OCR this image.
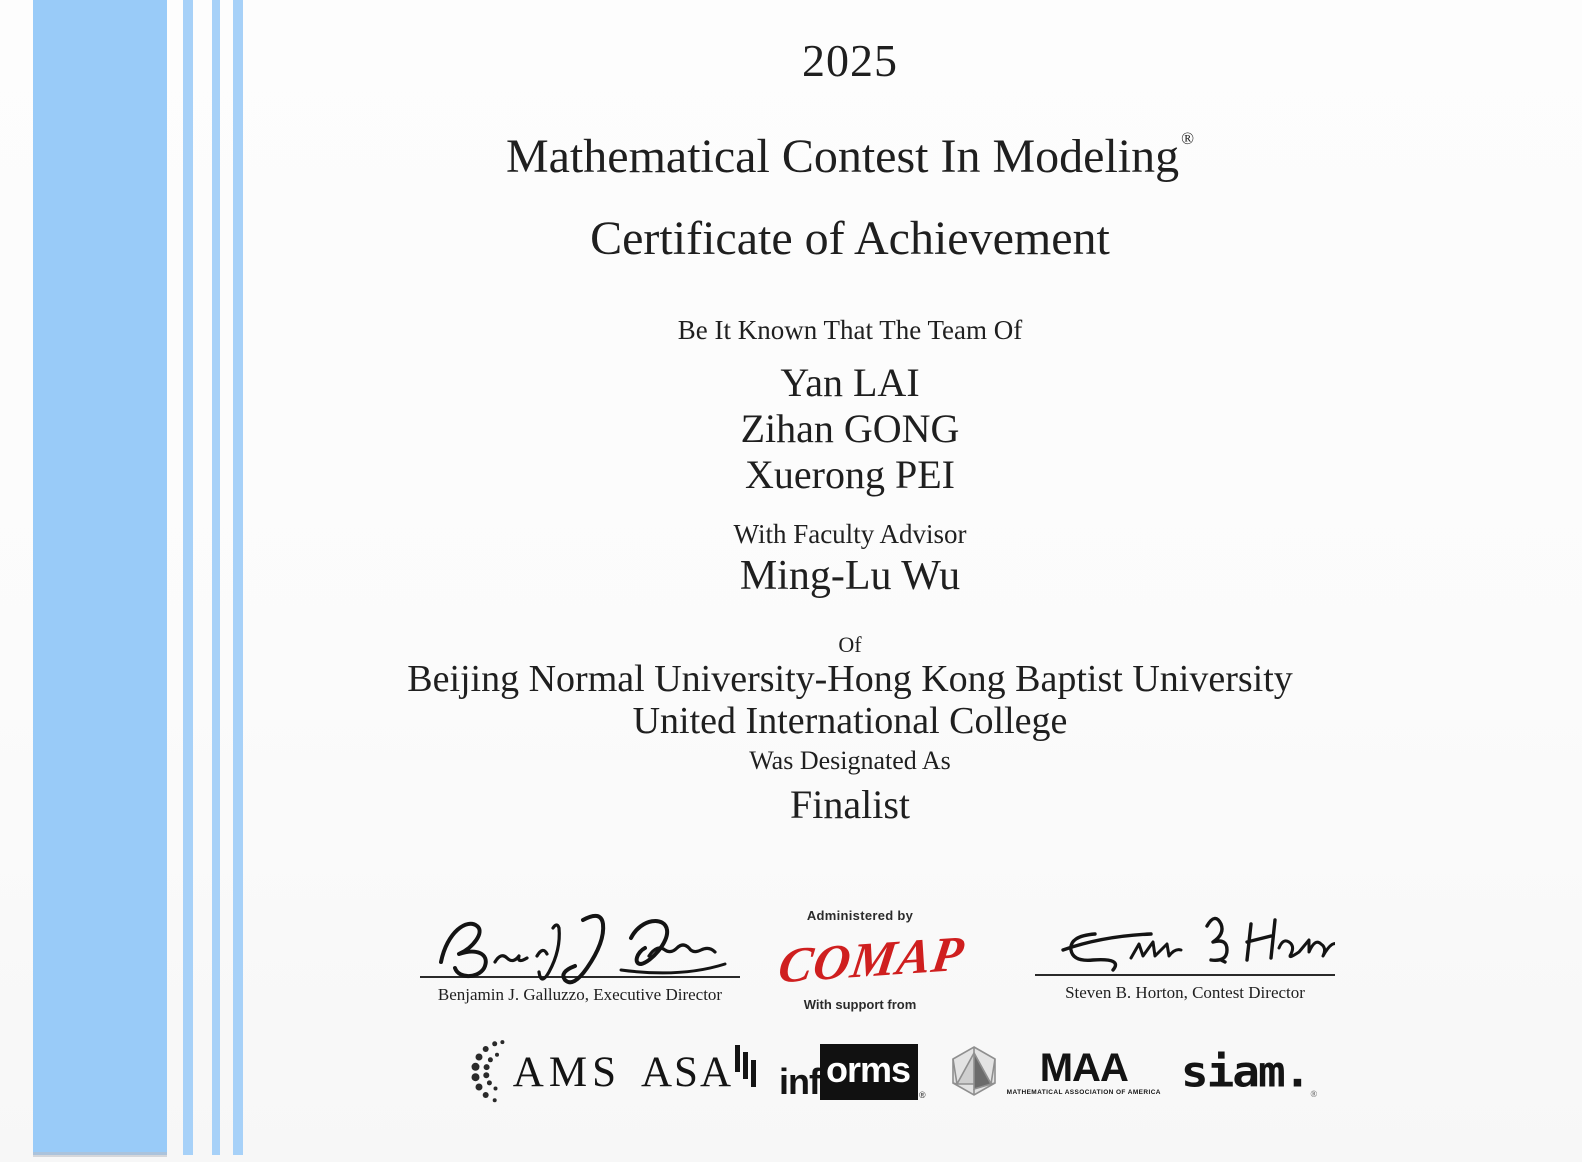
2025
Mathematical Contest In Modeling ®
Certificate of Achievement
Be It Known That The Team Of
Yan LAI
Zihan GONG
Xuerong PEI
With Faculty Advisor
Ming-Lu Wu
Of
Beijing Normal University-Hong Kong Baptist University
United International College
Was Designated As
Finalist
Benjamin J. Galluzzo, Executive Director
Administered by
COMAP
With support from
Steven B. Horton, Contest Director
AMS ASA inf orms
®
MAA
MATHEMATICAL ASSOCIATION OF AMERICA siam. ®
